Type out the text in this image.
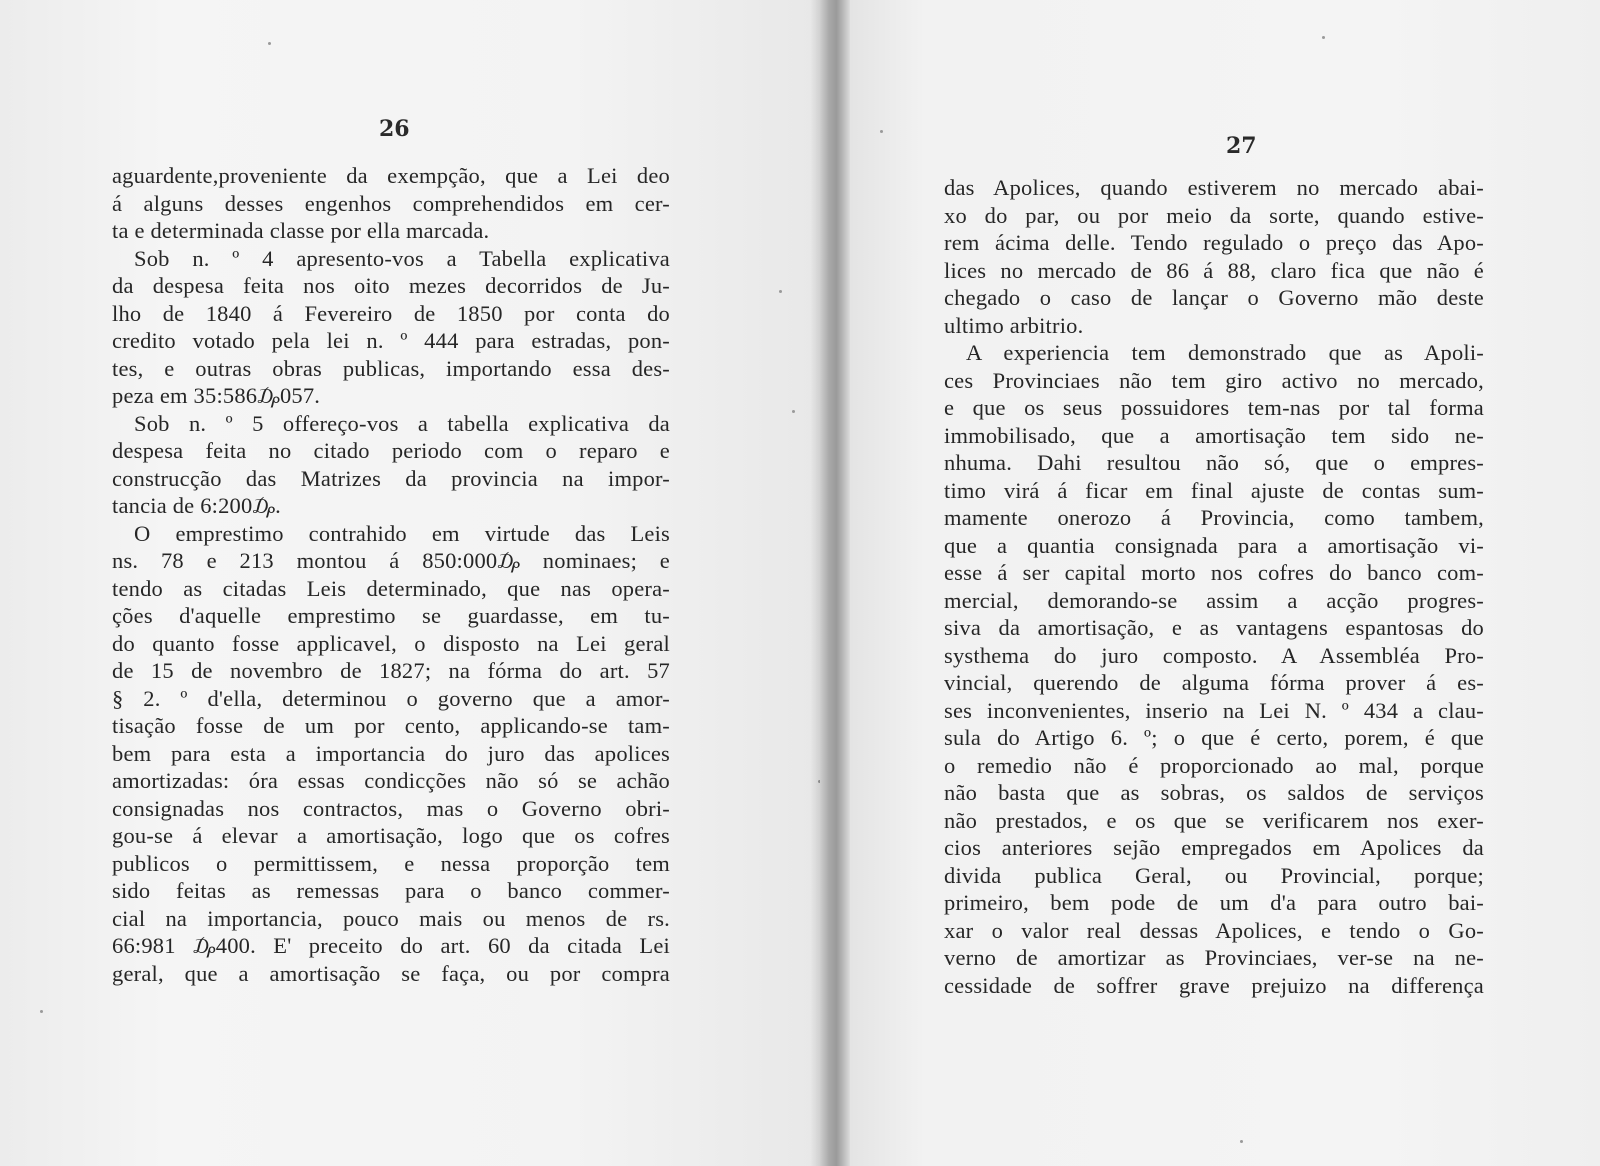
26
aguardente,proveniente da exempção, que a Lei deo
á alguns desses engenhos comprehendidos em cer-
ta e determinada classe por ella marcada.
Sob n. º 4 apresento-vos a Tabella explicativa
da despesa feita nos oito mezes decorridos de Ju-
lho de 1840 á Fevereiro de 1850 por conta do
credito votado pela lei n. º 444 para estradas, pon-
tes, e outras obras publicas, importando essa des-
peza em 35:586₯057.
Sob n. º 5 offereço-vos a tabella explicativa da
despesa feita no citado periodo com o reparo e
construcção das Matrizes da provincia na impor-
tancia de 6:200₯.
O emprestimo contrahido em virtude das Leis
ns. 78 e 213 montou á 850:000₯ nominaes; e
tendo as citadas Leis determinado, que nas opera-
ções d'aquelle emprestimo se guardasse, em tu-
do quanto fosse applicavel, o disposto na Lei geral
de 15 de novembro de 1827; na fórma do art. 57
§ 2. º d'ella, determinou o governo que a amor-
tisação fosse de um por cento, applicando-se tam-
bem para esta a importancia do juro das apolices
amortizadas: óra essas condicções não só se achão
consignadas nos contractos, mas o Governo obri-
gou-se á elevar a amortisação, logo que os cofres
publicos o permittissem, e nessa proporção tem
sido feitas as remessas para o banco commer-
cial na importancia, pouco mais ou menos de rs.
66:981 ₯400. E' preceito do art. 60 da citada Lei
geral, que a amortisação se faça, ou por compra
27
das Apolices, quando estiverem no mercado abai-
xo do par, ou por meio da sorte, quando estive-
rem ácima delle. Tendo regulado o preço das Apo-
lices no mercado de 86 á 88, claro fica que não é
chegado o caso de lançar o Governo mão deste
ultimo arbitrio.
A experiencia tem demonstrado que as Apoli-
ces Provinciaes não tem giro activo no mercado,
e que os seus possuidores tem-nas por tal forma
immobilisado, que a amortisação tem sido ne-
nhuma. Dahi resultou não só, que o empres-
timo virá á ficar em final ajuste de contas sum-
mamente onerozo á Provincia, como tambem,
que a quantia consignada para a amortisação vi-
esse á ser capital morto nos cofres do banco com-
mercial, demorando-se assim a acção progres-
siva da amortisação, e as vantagens espantosas do
systhema do juro composto. A Assembléa Pro-
vincial, querendo de alguma fórma prover á es-
ses inconvenientes, inserio na Lei N. º 434 a clau-
sula do Artigo 6. º; o que é certo, porem, é que
o remedio não é proporcionado ao mal, porque
não basta que as sobras, os saldos de serviços
não prestados, e os que se verificarem nos exer-
cios anteriores sejão empregados em Apolices da
divida publica Geral, ou Provincial, porque;
primeiro, bem pode de um d'a para outro bai-
xar o valor real dessas Apolices, e tendo o Go-
verno de amortizar as Provinciaes, ver-se na ne-
cessidade de soffrer grave prejuizo na differença
